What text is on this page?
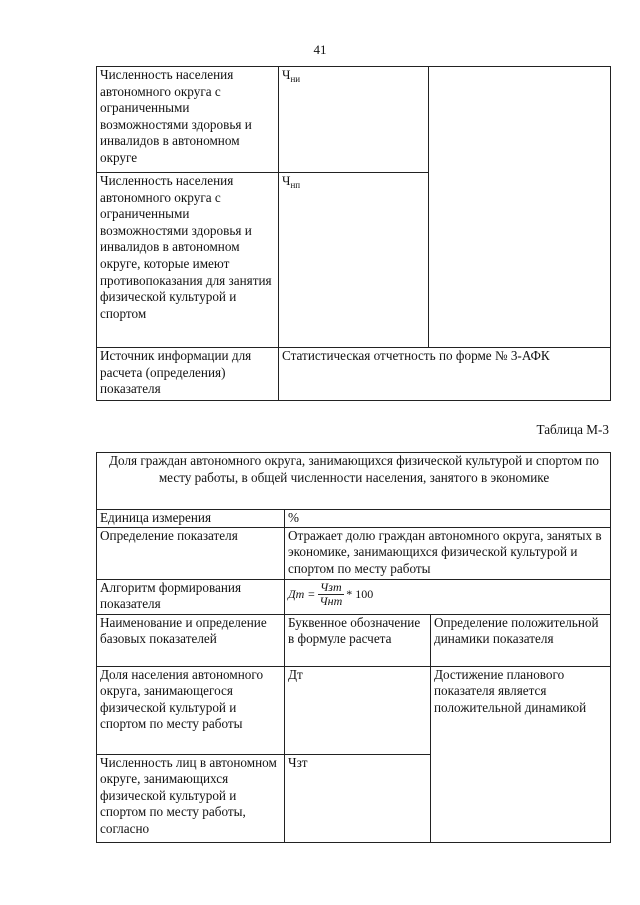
41
Численность населения автономного округа с ограниченными возможностями здоровья и инвалидов в автономном округе	$Ч_{ни}$	
Численность населения автономного округа с ограниченными возможностями здоровья и инвалидов в автономном округе, которые имеют противопоказания для занятия физической культурой и спортом	$Ч_{нп}$
Источник информации для расчета (определения) показателя	Статистическая отчетность по форме № 3-АФК	
Таблица М-3
Доля граждан автономного округа, занимающихся физической культурой и спортом по месту работы, в общей численности населения, занятого в экономике		
Единица измерения	%	
Определение показателя	Отражает долю граждан автономного округа, занятых в экономике, занимающихся физической культурой и спортом по месту работы	
Алгоритм формирования показателя	Дт = $\frac{\text{Чзт}}{\text{Чнт}} * 100$	

Наименование и определение базовых показателей	Буквенное обозначение в формуле расчета	Определение положительной динамики показателя
Доля населения автономного округа, занимающегося физической культурой и спортом по месту работы	Дт	Достижение планового показателя является положительной динамикой
Численность лиц в автономном округе, занимающихся физической культурой и спортом по месту работы, согласно	Чзт	
